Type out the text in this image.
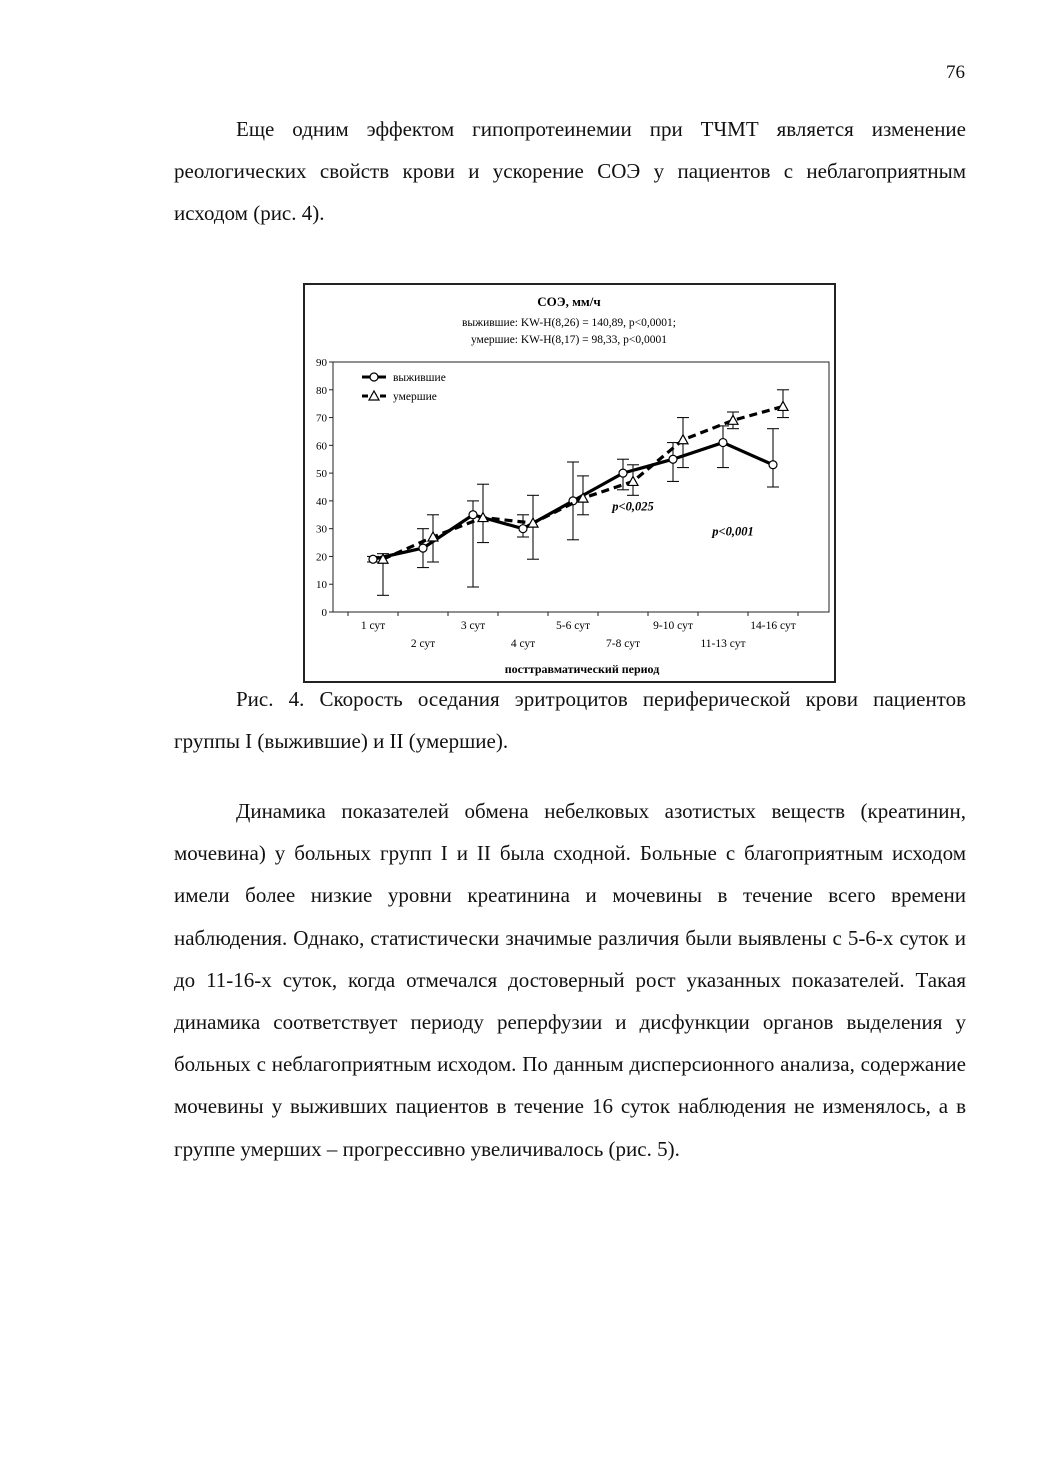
76

Еще одним эффектом гипопротеинемии при ТЧМТ является изменение реологических свойств крови и ускорение СОЭ у пациентов с неблагоприятным исходом (рис. 4).

СОЭ, мм/ч
выжившие: KW-H(8,26) = 140,89, p<0,0001;
умершие: KW-H(8,17) = 98,33, p<0,0001
0
10
20
30
40
50
60
70
80
90
1 сут
2 сут
3 сут
4 сут
5-6 сут
7-8 сут
9-10 сут
11-13 сут
14-16 сут
посттравматический период
выжившие
умершие
p<0,025
p<0,001

Рис. 4. Скорость оседания эритроцитов периферической крови пациентов группы I (выжившие) и II (умершие).

Динамика показателей обмена небелковых азотистых веществ (креатинин, мочевина) у больных групп I и II была сходной. Больные с благоприятным исходом имели более низкие уровни креатинина и мочевины в течение всего времени наблюдения. Однако, статистически значимые различия были выявлены с 5-6-х суток и до 11-16-х суток, когда отмечался достоверный рост указанных показателей. Такая динамика соответствует периоду реперфузии и дисфункции органов выделения у больных с неблагоприятным исходом. По данным дисперсионного анализа, содержание мочевины у выживших пациентов в течение 16 суток наблюдения не изменялось, а в группе умерших – прогрессивно увеличивалось (рис. 5).
